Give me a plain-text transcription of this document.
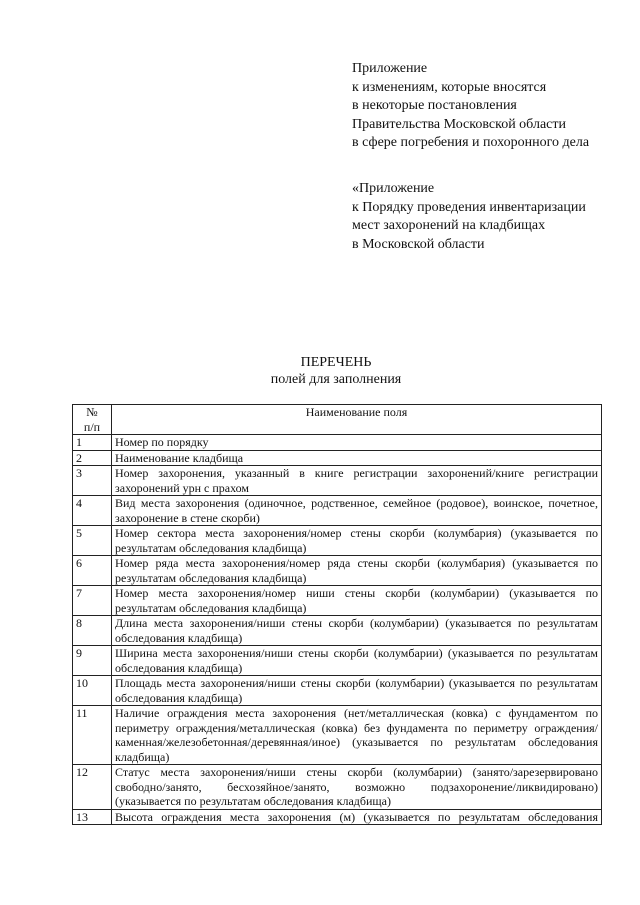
Приложение
к изменениям, которые вносятся
в некоторые постановления
Правительства Московской области
в сфере погребения и похоронного дела
«Приложение
к Порядку проведения инвентаризации
мест захоронений на кладбищах
в Московской области
ПЕРЕЧЕНЬ
полей для заполнения
№
п/п	Наименование поля
1	Номер по порядку
2	Наименование кладбища
3	Номер захоронения, указанный в книге регистрации захоронений/книге регистрации захоронений урн с прахом
4	Вид места захоронения (одиночное, родственное, семейное (родовое), воинское, почетное, захоронение в стене скорби)
5	Номер сектора места захоронения/номер стены скорби (колумбария) (указывается по результатам обследования кладбища)
6	Номер ряда места захоронения/номер ряда стены скорби (колумбария) (указывается по результатам обследования кладбища)
7	Номер места захоронения/номер ниши стены скорби (колумбарии) (указывается по результатам обследования кладбища)
8	Длина места захоронения/ниши стены скорби (колумбарии) (указывается по результатам обследования кладбища)
9	Ширина места захоронения/ниши стены скорби (колумбарии) (указывается по результатам обследования кладбища)
10	Площадь места захоронения/ниши стены скорби (колумбарии) (указывается по результатам обследования кладбища)
11	Наличие ограждения места захоронения (нет/металлическая (ковка) с фундаментом по периметру ограждения/металлическая (ковка) без фундамента по периметру ограждения/каменная/железобетонная/деревянная/иное) (указывается по результатам обследования кладбища)
12	Статус места захоронения/ниши стены скорби (колумбарии) (занято/зарезервировано свободно/занято, бесхозяйное/занято, возможно подзахоронение/ликвидировано) (указывается по результатам обследования кладбища)
13	Высота ограждения места захоронения (м) (указывается по результатам обследования
